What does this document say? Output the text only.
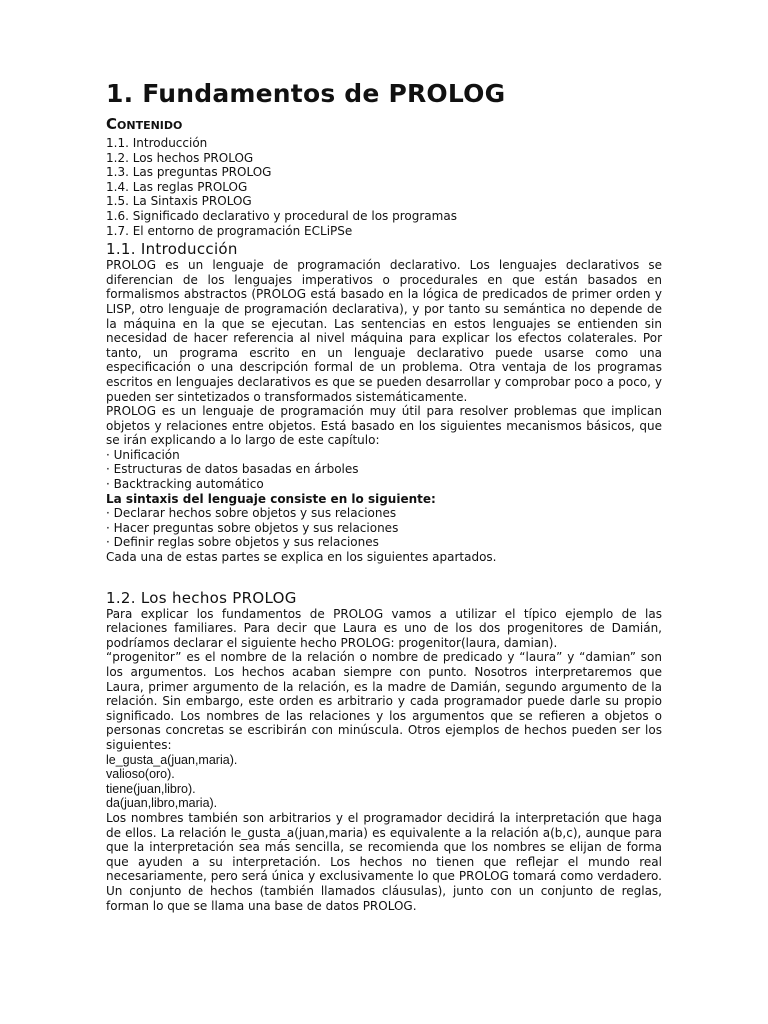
1. Fundamentos de PROLOG
Contenido
1.1. Introducción
1.2. Los hechos PROLOG
1.3. Las preguntas PROLOG
1.4. Las reglas PROLOG
1.5. La Sintaxis PROLOG
1.6. Significado declarativo y procedural de los programas
1.7. El entorno de programación ECLiPSe
1.1. Introducción

PROLOG es un lenguaje de programación declarativo. Los lenguajes declarativos se diferencian de los lenguajes imperativos o procedurales en que están basados en formalismos abstractos (PROLOG está basado en la lógica de predicados de primer orden y LISP, otro lenguaje de programación declarativa), y por tanto su semántica no depende de la máquina en la que se ejecutan. Las sentencias en estos lenguajes se entienden sin necesidad de hacer referencia al nivel máquina para explicar los efectos colaterales. Por tanto, un programa escrito en un lenguaje declarativo puede usarse como una especificación o una descripción formal de un problema. Otra ventaja de los programas escritos en lenguajes declarativos es que se pueden desarrollar y comprobar poco a poco, y pueden ser sintetizados o transformados sistemáticamente.

PROLOG es un lenguaje de programación muy útil para resolver problemas que implican objetos y relaciones entre objetos. Está basado en los siguientes mecanismos básicos, que se irán explicando a lo largo de este capítulo:

· Unificación
· Estructuras de datos basadas en árboles
· Backtracking automático
La sintaxis del lenguaje consiste en lo siguiente:
· Declarar hechos sobre objetos y sus relaciones
· Hacer preguntas sobre objetos y sus relaciones
· Definir reglas sobre objetos y sus relaciones

Cada una de estas partes se explica en los siguientes apartados.

1.2. Los hechos PROLOG

Para explicar los fundamentos de PROLOG vamos a utilizar el típico ejemplo de las relaciones familiares. Para decir que Laura es uno de los dos progenitores de Damián, podríamos declarar el siguiente hecho PROLOG: progenitor(laura, damian).

“progenitor” es el nombre de la relación o nombre de predicado y “laura” y “damian” son los argumentos. Los hechos acaban siempre con punto. Nosotros interpretaremos que Laura, primer argumento de la relación, es la madre de Damián, segundo argumento de la relación. Sin embargo, este orden es arbitrario y cada programador puede darle su propio significado. Los nombres de las relaciones y los argumentos que se refieren a objetos o personas concretas se escribirán con minúscula. Otros ejemplos de hechos pueden ser los siguientes:

le_gusta_a(juan,maria).
valioso(oro).
tiene(juan,libro).
da(juan,libro,maria).

Los nombres también son arbitrarios y el programador decidirá la interpretación que haga de ellos. La relación le_gusta_a(juan,maria) es equivalente a la relación a(b,c), aunque para que la interpretación sea más sencilla, se recomienda que los nombres se elijan de forma que ayuden a su interpretación. Los hechos no tienen que reflejar el mundo real necesariamente, pero será única y exclusivamente lo que PROLOG tomará como verdadero. Un conjunto de hechos (también llamados cláusulas), junto con un conjunto de reglas, forman lo que se llama una base de datos PROLOG.
